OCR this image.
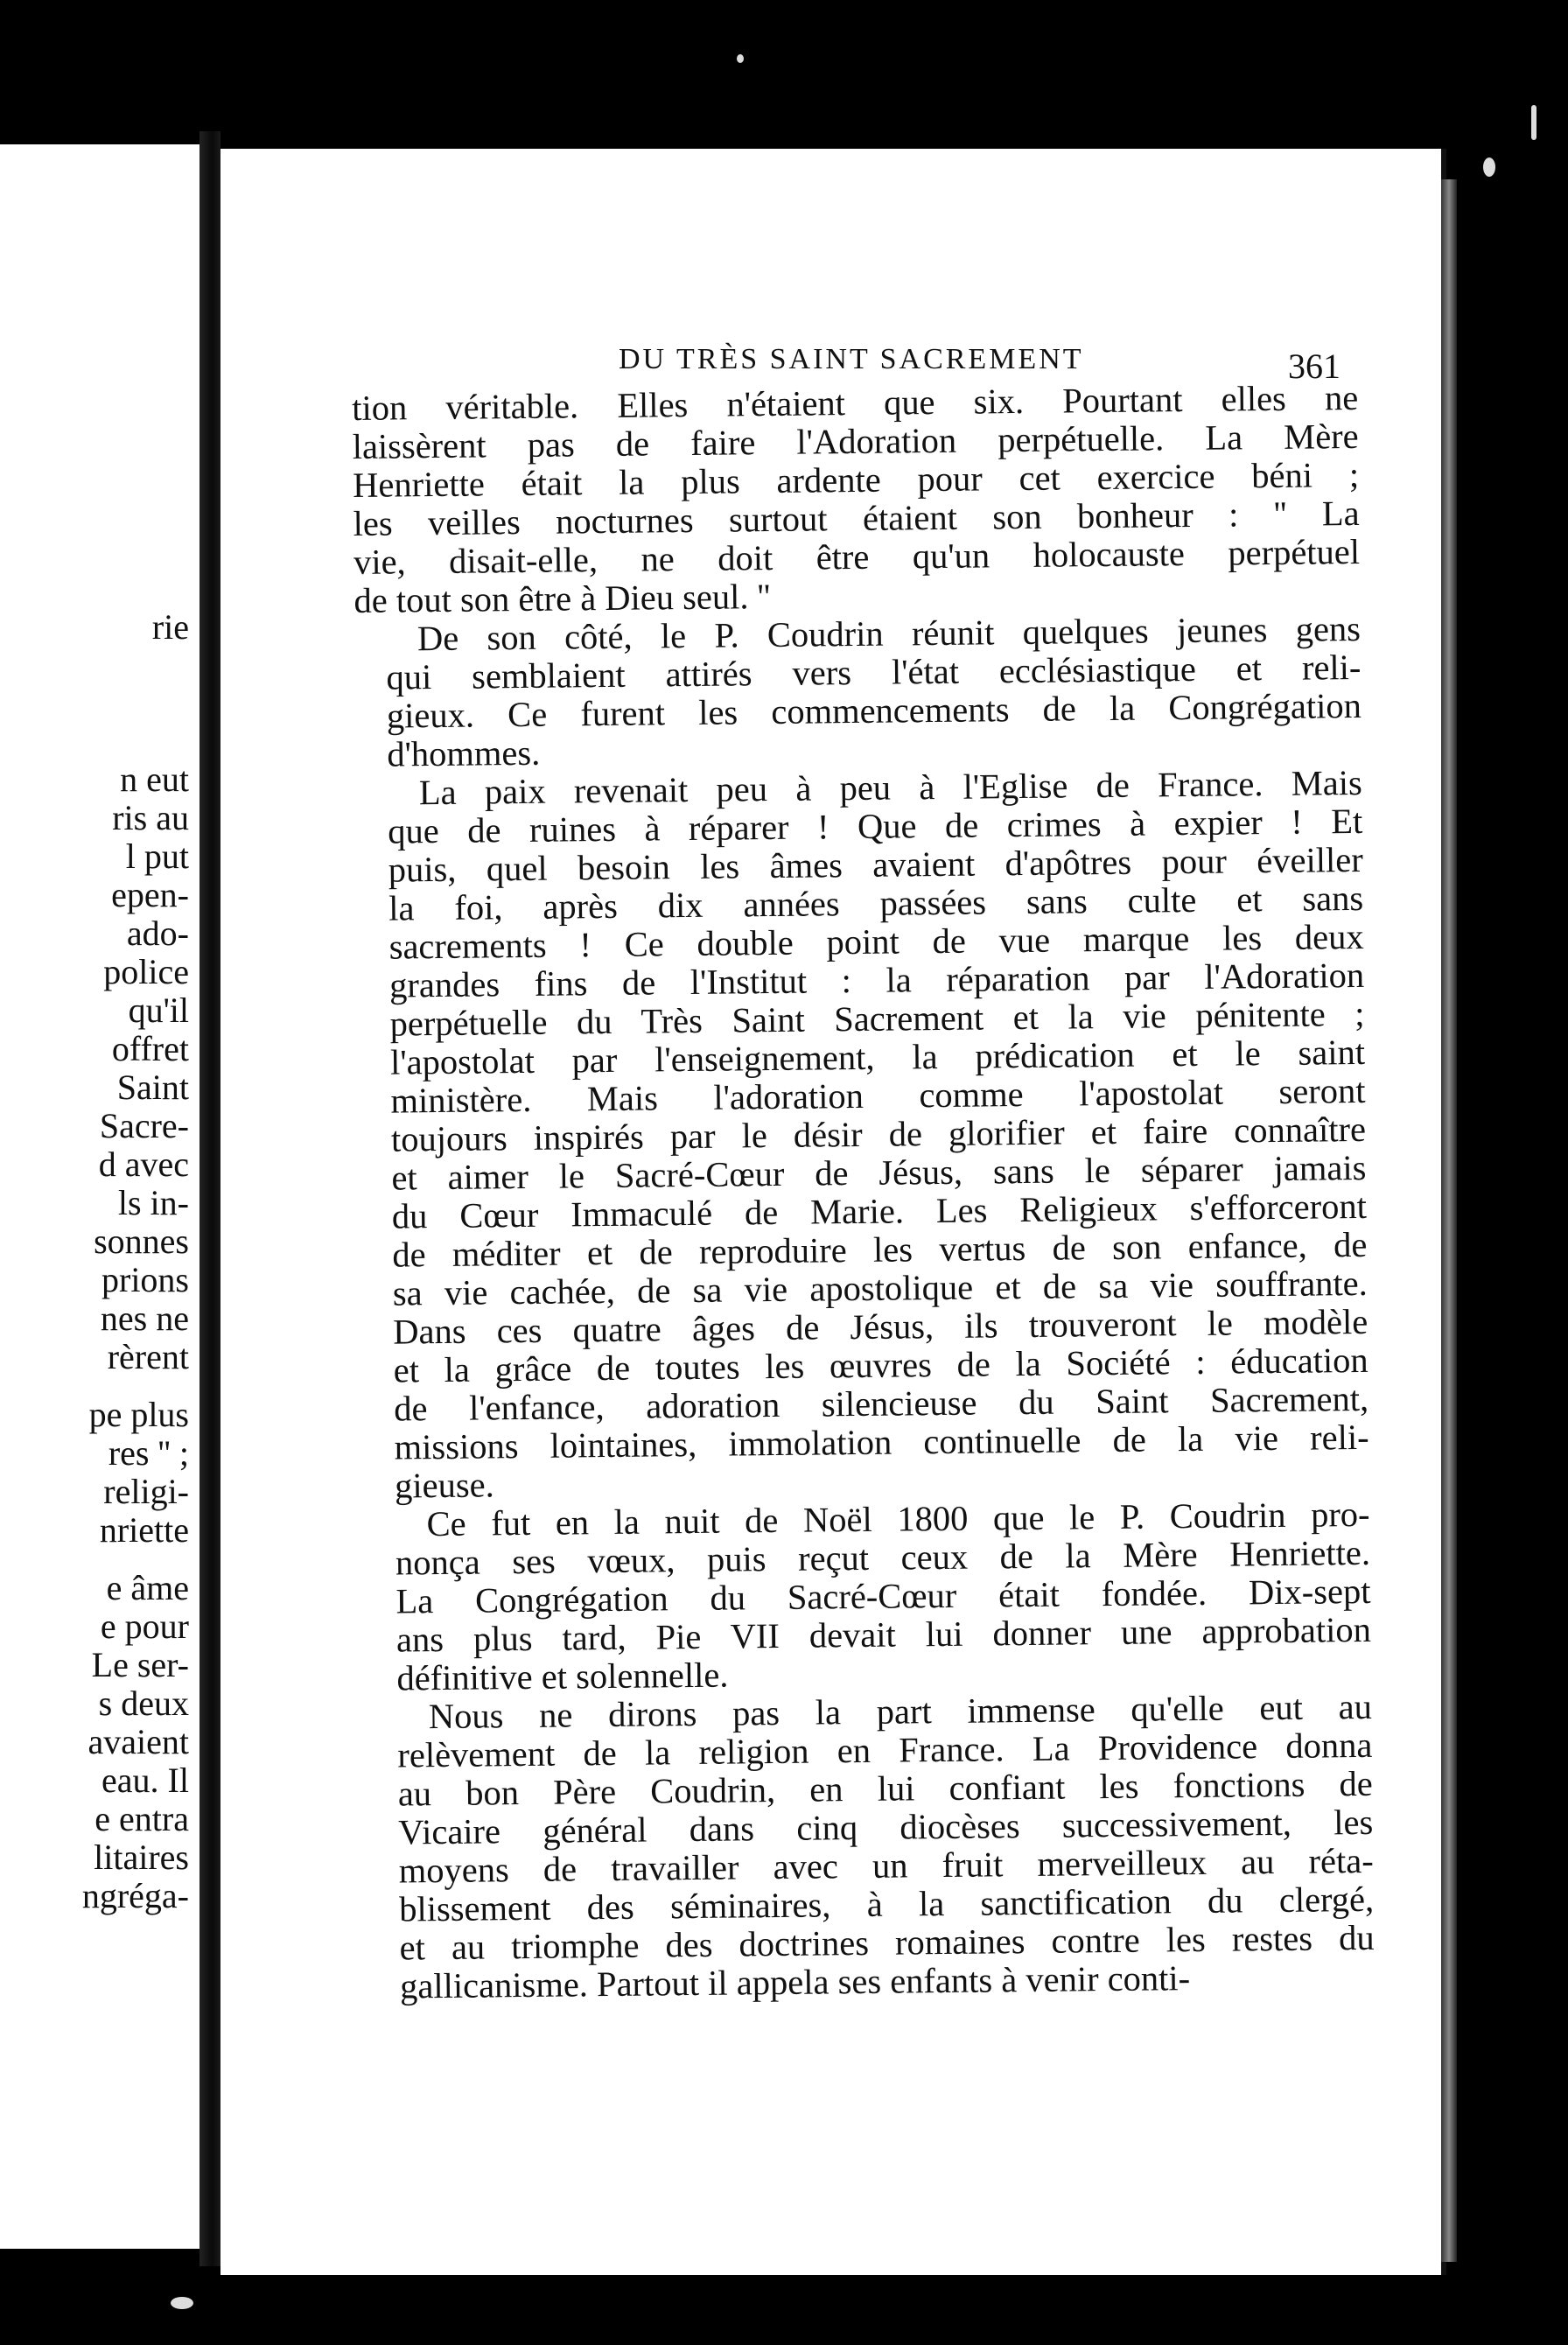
rie
n eut
ris au
l put
epen-
ado-
police
qu'il
offret
Saint
Sacre-
d avec
ls in-
sonnes
prions
nes ne
rèrent
pe plus
res '' ;
religi-
nriette
e âme
e pour
Le ser-
s deux
avaient
eau. Il
e entra
litaires
ngréga-
DU TRÈS SAINT SACREMENT	361
tion véritable. Elles n'étaient que six. Pourtant elles ne
laissèrent pas de faire l'Adoration perpétuelle. La Mère
Henriette était la plus ardente pour cet exercice béni ;
les veilles nocturnes surtout étaient son bonheur : '' La
vie, disait-elle, ne doit être qu'un holocauste perpétuel
de tout son être à Dieu seul. ''
De son côté, le P. Coudrin réunit quelques jeunes gens
qui semblaient attirés vers l'état ecclésiastique et reli-
gieux. Ce furent les commencements de la Congrégation
d'hommes.
La paix revenait peu à peu à l'Eglise de France. Mais
que de ruines à réparer ! Que de crimes à expier ! Et
puis, quel besoin les âmes avaient d'apôtres pour éveiller
la foi, après dix années passées sans culte et sans
sacrements ! Ce double point de vue marque les deux
grandes fins de l'Institut : la réparation par l'Adoration
perpétuelle du Très Saint Sacrement et la vie pénitente ;
l'apostolat par l'enseignement, la prédication et le saint
ministère. Mais l'adoration comme l'apostolat seront
toujours inspirés par le désir de glorifier et faire connaître
et aimer le Sacré-Cœur de Jésus, sans le séparer jamais
du Cœur Immaculé de Marie. Les Religieux s'efforceront
de méditer et de reproduire les vertus de son enfance, de
sa vie cachée, de sa vie apostolique et de sa vie souffrante.
Dans ces quatre âges de Jésus, ils trouveront le modèle
et la grâce de toutes les œuvres de la Société : éducation
de l'enfance, adoration silencieuse du Saint Sacrement,
missions lointaines, immolation continuelle de la vie reli-
gieuse.
Ce fut en la nuit de Noël 1800 que le P. Coudrin pro-
nonça ses vœux, puis reçut ceux de la Mère Henriette.
La Congrégation du Sacré-Cœur était fondée. Dix-sept
ans plus tard, Pie VII devait lui donner une approbation
définitive et solennelle.
Nous ne dirons pas la part immense qu'elle eut au
relèvement de la religion en France. La Providence donna
au bon Père Coudrin, en lui confiant les fonctions de
Vicaire général dans cinq diocèses successivement, les
moyens de travailler avec un fruit merveilleux au réta-
blissement des séminaires, à la sanctification du clergé,
et au triomphe des doctrines romaines contre les restes du
gallicanisme. Partout il appela ses enfants à venir conti-
